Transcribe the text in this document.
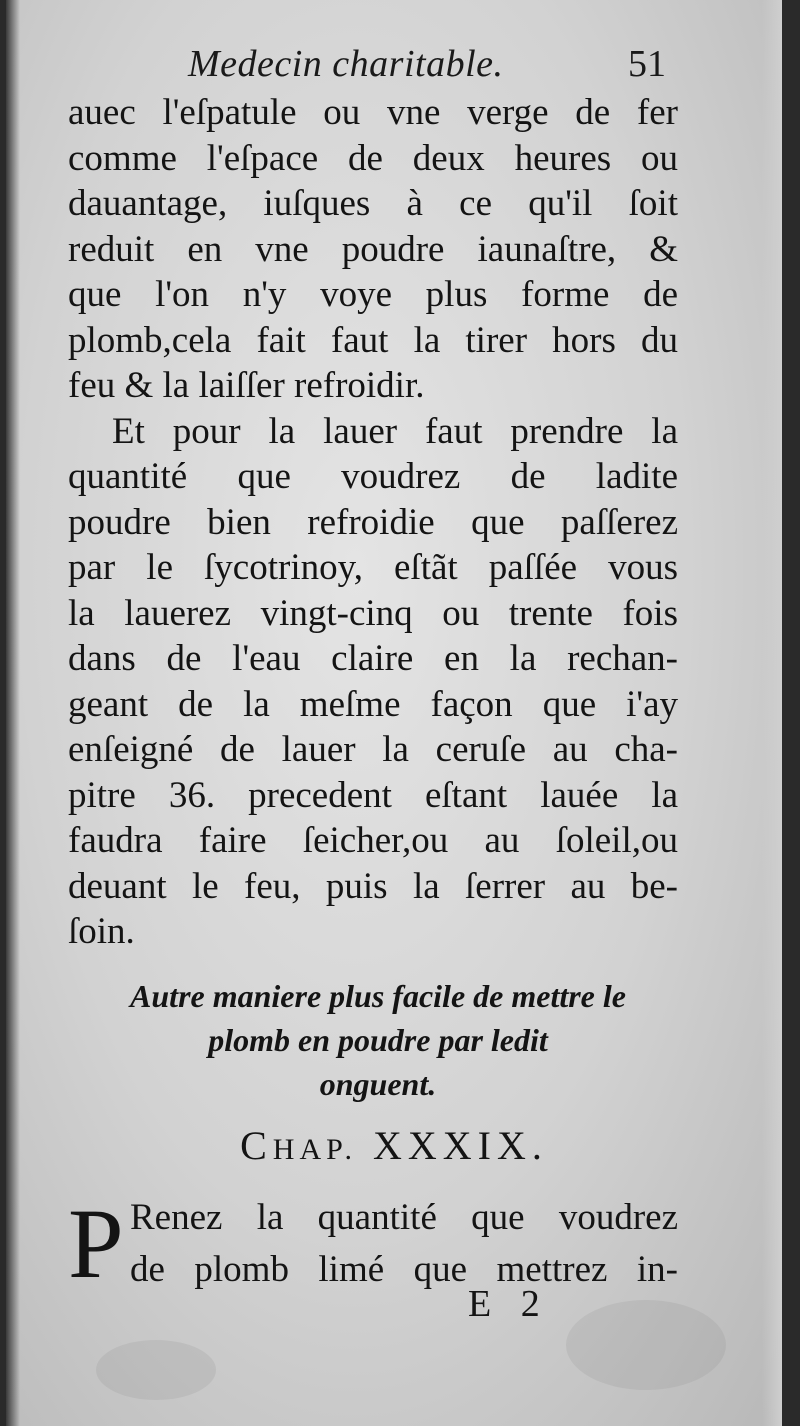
Medecin charitable.	51
auec l'eſpatule ou vne verge de fer
comme l'eſpace de deux heures ou
dauantage, iuſques à ce qu'il ſoit
reduit en vne poudre iaunaſtre, &
que l'on n'y voye plus forme de
plomb,cela fait faut la tirer hors du
feu & la laiſſer refroidir.
Et pour la lauer faut prendre la
quantité que voudrez de ladite
poudre bien refroidie que paſſerez
par le ſycotrinoy, eſtãt paſſée vous
la lauerez vingt-cinq ou trente fois
dans de l'eau claire en la rechan-
geant de la meſme façon que i'ay
enſeigné de lauer la ceruſe au cha-
pitre 36. precedent eſtant lauée la
faudra faire ſeicher,ou au ſoleil,ou
deuant le feu, puis la ſerrer au be-
ſoin.
Autre maniere plus facile de mettre le
plomb en poudre par ledit
onguent.
CHAP. XXXIX.
P Renez la quantité que voudrez
de plomb limé que mettrez in-
E 2
